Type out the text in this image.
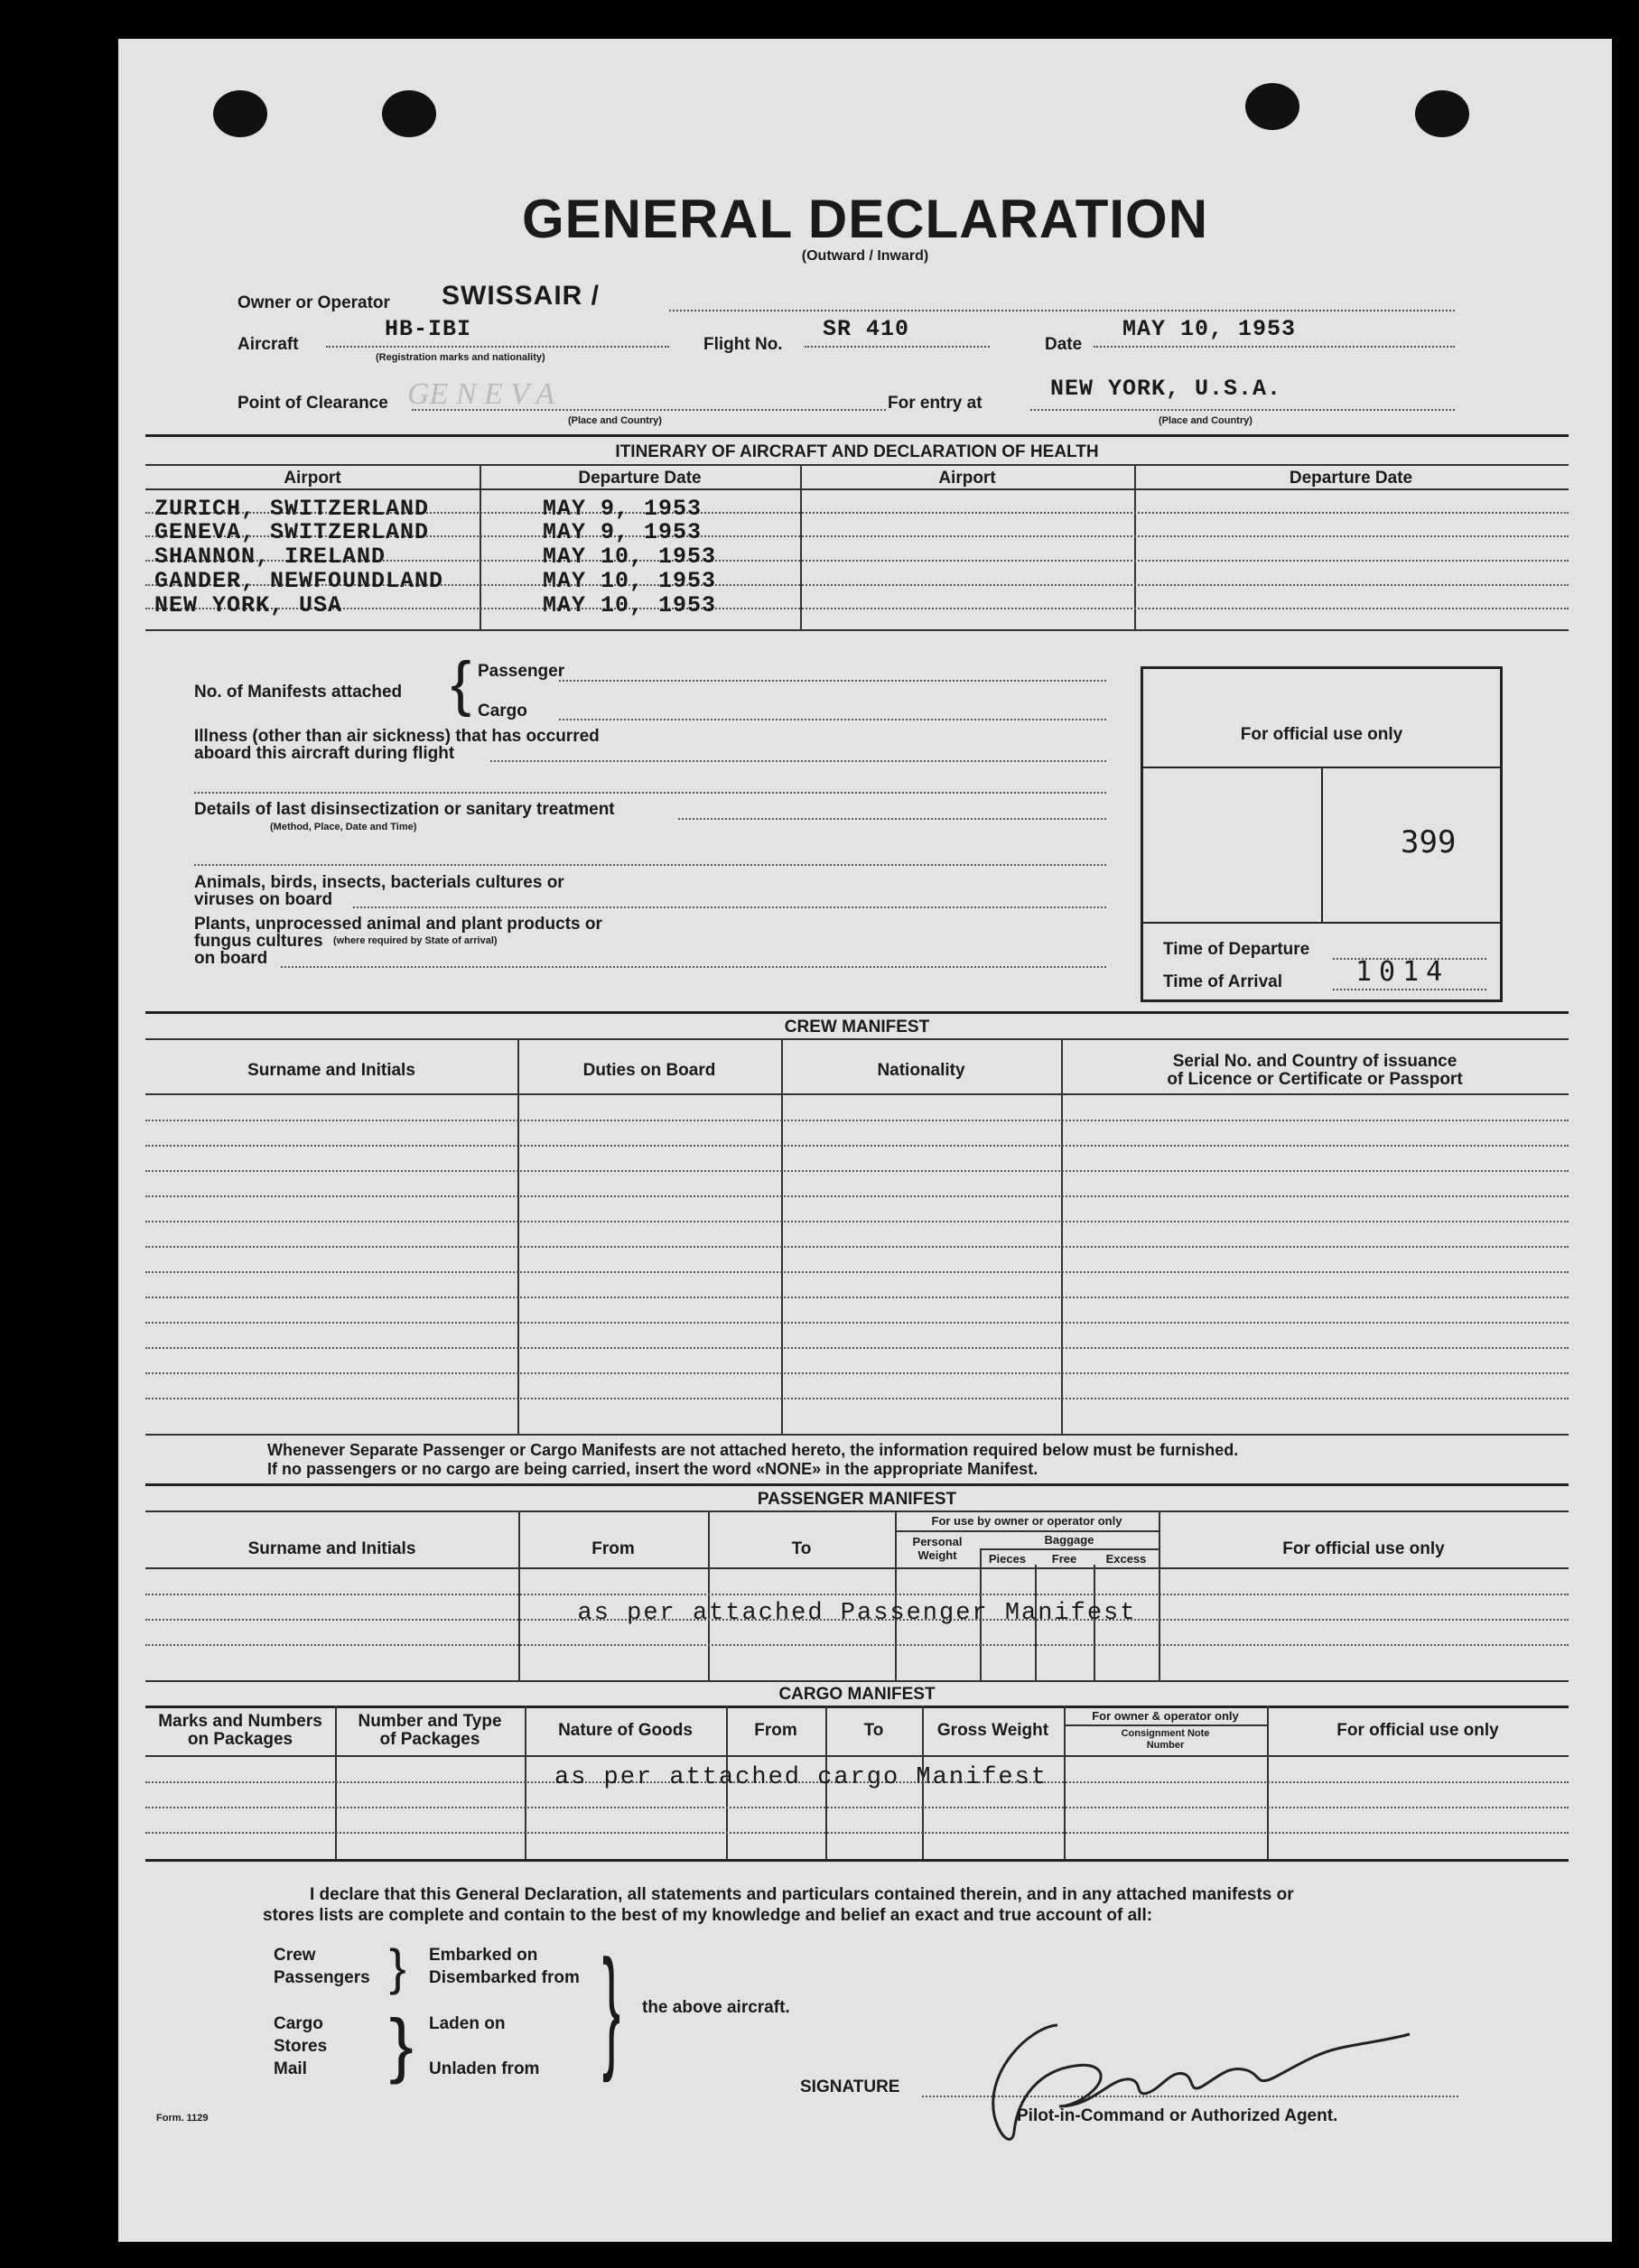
GENERAL DECLARATION
(Outward / Inward)
Owner or Operator SWISSAIR /
Aircraft
HB-IBI
(Registration marks and nationality)
Flight No.
SR 410
Date
MAY 10, 1953
Point of Clearance GE N E V A
(Place and Country)
For entry at
NEW YORK, U.S.A.
(Place and Country)
ITINERARY OF AIRCRAFT AND DECLARATION OF HEALTH
Airport	Departure Date	Airport	Departure Date
ZURICH, SWITZERLAND	MAY 9, 1953
GENEVA, SWITZERLAND	MAY 9, 1953
SHANNON, IRELAND	MAY 10, 1953
GANDER, NEWFOUNDLAND	MAY 10, 1953
NEW YORK, USA	MAY 10, 1953
No. of Manifests attached { Passenger
Cargo
Illness (other than air sickness) that has occurred
aboard this aircraft during flight
Details of last disinsectization or sanitary treatment
(Method, Place, Date and Time)
Animals, birds, insects, bacterials cultures or
viruses on board
Plants, unprocessed animal and plant products or
fungus cultures (where required by State of arrival)
on board
For official use only
399
Time of Departure
Time of Arrival	1014
CREW MANIFEST
Surname and Initials	Duties on Board	Nationality	Serial No. and Country of issuance
of Licence or Certificate or Passport
Whenever Separate Passenger or Cargo Manifests are not attached hereto, the information required below must be furnished.
If no passengers or no cargo are being carried, insert the word «NONE» in the appropriate Manifest.
PASSENGER MANIFEST
Surname and Initials	From	To
For use by owner or operator only
Personal
Weight
Baggage
Pieces	Free	Excess
For official use only
as per attached Passenger Manifest
CARGO MANIFEST
Marks and Numbers
on Packages
Number and Type
of Packages	Nature of Goods	From	To	Gross Weight
For owner & operator only
Consignment Note
Number
For official use only
as per attached cargo Manifest
I declare that this General Declaration, all statements and particulars contained therein, and in any attached manifests or
stores lists are complete and contain to the best of my knowledge and belief an exact and true account of all:
Crew
Passengers } Embarked on
Disembarked from
Cargo
Stores
Mail } Laden on
Unladen from } the above aircraft.
SIGNATURE
Pilot-in-Command or Authorized Agent.
Form. 1129
